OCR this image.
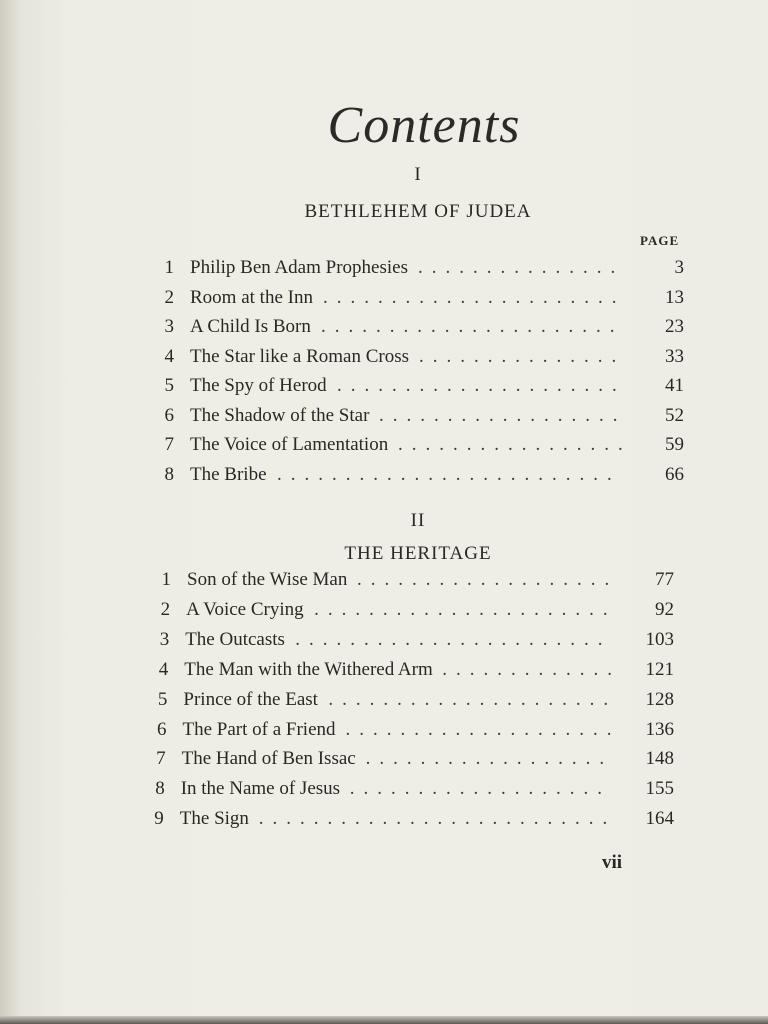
Contents
I
BETHLEHEM OF JUDEA
PAGE
II
THE HERITAGE
1 Philip Ben Adam Prophesies ...............	3
2 Room at the Inn ...................... 13
3 A Child Is Born ...................... 23
4 The Star like a Roman Cross ............... 33
5 The Spy of Herod ..................... 41
6 The Shadow of the Star .................. 52
7 The Voice of Lamentation ................. 59
8 The Bribe ......................... 66
1 Son of the Wise Man ................... 77
2 A Voice Crying ...................... 92
3 The Outcasts ....................... 103
4 The Man with the Withered Arm ............. 121
5 Prince of the East ..................... 128
6 The Part of a Friend .................... 136
7 The Hand of Ben Issac .................. 148
8 In the Name of Jesus ................... 155
9 The Sign .......................... 164
vii
